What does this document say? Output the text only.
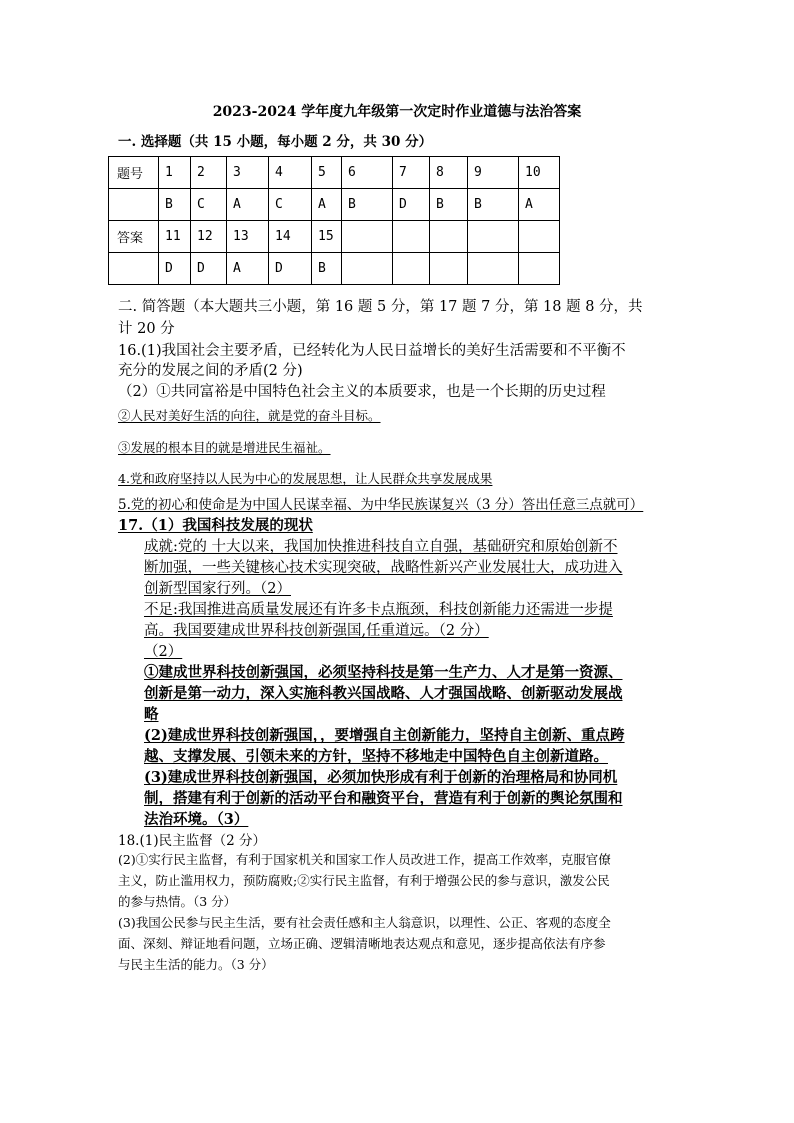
2023-2024 学年度九年级第一次定时作业道德与法治答案
一. 选择题（共 15 小题，每小题 2 分，共 30 分）
题号	1	2	3	4	5	6	7	8	9	10
	B	C	A	C	A	B	D	B	B	A
答案	11	12	13	14	15					
	D	D	A	D	B					
二. 简答题（本大题共三小题，第 16 题 5 分，第 17 题 7 分，第 18 题 8 分，共
计 20 分
16.(1)我国社会主要矛盾，已经转化为人民日益增长的美好生活需要和不平衡不
充分的发展之间的矛盾(2 分)
（2）①共同富裕是中国特色社会主义的本质要求，也是一个长期的历史过程
②人民对美好生活的向往，就是党的奋斗目标。
③发展的根本目的就是增进民生福祉。
4.党和政府坚持以人民为中心的发展思想，让人民群众共享发展成果
5.党的初心和使命是为中国人民谋幸福、为中华民族谋复兴（3 分）答出任意三点就可）
17.（1）我国科技发展的现状
成就:党的 十大以来，我国加快推进科技自立自强，基础研究和原始创新不
断加强，一些关键核心技术实现突破，战略性新兴产业发展壮大，成功进入
创新型国家行列。（2）
不足:我国推进高质量发展还有许多卡点瓶颈，科技创新能力还需进一步提
高。我国要建成世界科技创新强国,任重道远。（2 分）
（2）
①建成世界科技创新强国，必须坚持科技是第一生产力、人才是第一资源、
创新是第一动力，深入实施科教兴国战略、人才强国战略、创新驱动发展战
略
(2)建成世界科技创新强国，，要增强自主创新能力，坚持自主创新、重点跨
越、支撑发展、引领未来的方针，坚持不移地走中国特色自主创新道路。
(3)建成世界科技创新强国，必须加快形成有利于创新的治理格局和协同机
制，搭建有利于创新的活动平台和融资平台，营造有利于创新的舆论氛围和
法治环境。（3）
18.(1)民主监督（2 分）
(2)①实行民主监督，有利于国家机关和国家工作人员改进工作，提高工作效率，克服官僚
主义，防止滥用权力，预防腐败;②实行民主监督，有利于增强公民的参与意识，激发公民
的参与热情。（3 分）
(3)我国公民参与民主生活，要有社会责任感和主人翁意识，以理性、公正、客观的态度全
面、深刻、辩证地看问题，立场正确、逻辑清晰地表达观点和意见，逐步提高依法有序参
与民主生活的能力。（3 分）
